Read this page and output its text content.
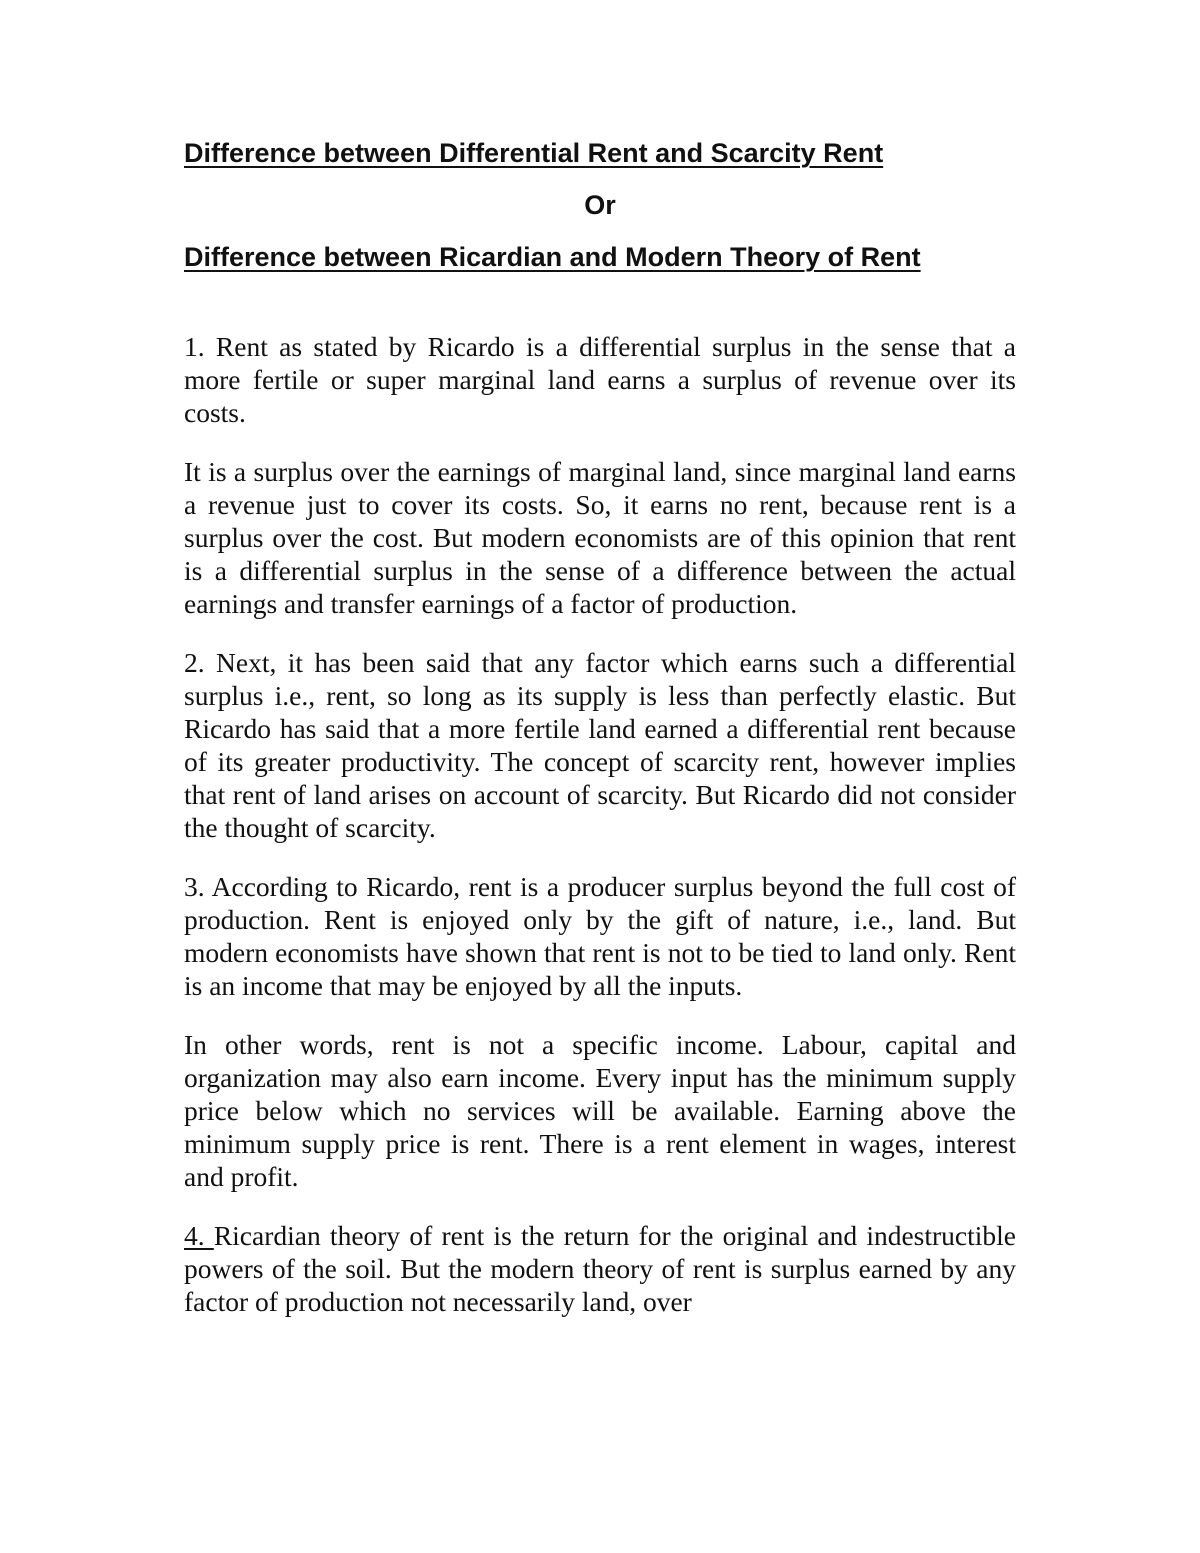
Difference between Differential Rent and Scarcity Rent

Or

Difference between Ricardian and Modern Theory of Rent

1. Rent as stated by Ricardo is a differential surplus in the sense that a more fertile or super marginal land earns a surplus of revenue over its costs.

It is a surplus over the earnings of marginal land, since marginal land earns a revenue just to cover its costs. So, it earns no rent, because rent is a surplus over the cost. But modern economists are of this opinion that rent is a differential surplus in the sense of a difference between the actual earnings and transfer earnings of a factor of production.

2. Next, it has been said that any factor which earns such a differential surplus i.e., rent, so long as its supply is less than perfectly elastic. But Ricardo has said that a more fertile land earned a differential rent because of its greater productivity. The concept of scarcity rent, however implies that rent of land arises on account of scarcity. But Ricardo did not consider the thought of scarcity.

3. According to Ricardo, rent is a producer surplus beyond the full cost of production. Rent is enjoyed only by the gift of nature, i.e., land. But modern economists have shown that rent is not to be tied to land only. Rent is an income that may be enjoyed by all the inputs.

In other words, rent is not a specific income. Labour, capital and organization may also earn income. Every input has the minimum supply price below which no services will be available. Earning above the minimum supply price is rent. There is a rent element in wages, interest and profit.

4. Ricardian theory of rent is the return for the original and indestructible powers of the soil. But the modern theory of rent is surplus earned by any factor of production not necessarily land, over
